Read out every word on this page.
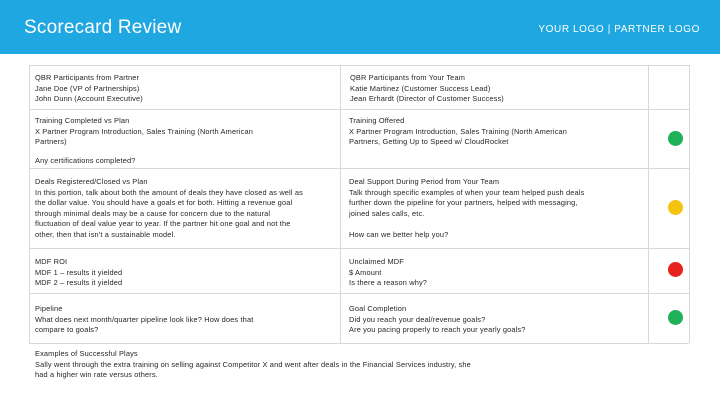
Scorecard Review	YOUR LOGO | PARTNER LOGO
QBR Participants from Partner
Jane Doe (VP of Partnerships)
John Dunn (Account Executive)
QBR Participants from Your Team
Katie Martinez (Customer Success Lead)
Jean Erhardt (Director of Customer Success)
Training Completed vs Plan
X Partner Program Introduction, Sales Training (North American
Partners)
Training Offered
X Partner Program Introduction, Sales Training (North American
Partners, Getting Up to Speed w/ CloudRocket
Any certifications completed?
Deals Registered/Closed vs Plan
In this portion, talk about both the amount of deals they have closed as well as
the dollar value. You should have a goals et for both. Hitting a revenue goal
through minimal deals may be a cause for concern due to the natural
fluctuation of deal value year to year. If the partner hit one goal and not the
other, then that isn't a sustainable model.
Deal Support During Period from Your Team
Talk through specific examples of when your team helped push deals
further down the pipeline for your partners, helped with messaging,
joined sales calls, etc.

How can we better help you?
MDF ROI
MDF 1 – results it yielded
MDF 2 – results it yielded
Unclaimed MDF
$ Amount
Is there a reason why?
Pipeline
What does next month/quarter pipeline look like? How does that
compare to goals?
Goal Completion
Did you reach your deal/revenue goals?
Are you pacing properly to reach your yearly goals?
Examples of Successful Plays
Sally went through the extra training on selling against Competitor X and went after deals in the Financial Services industry, she
had a higher win rate versus others.
